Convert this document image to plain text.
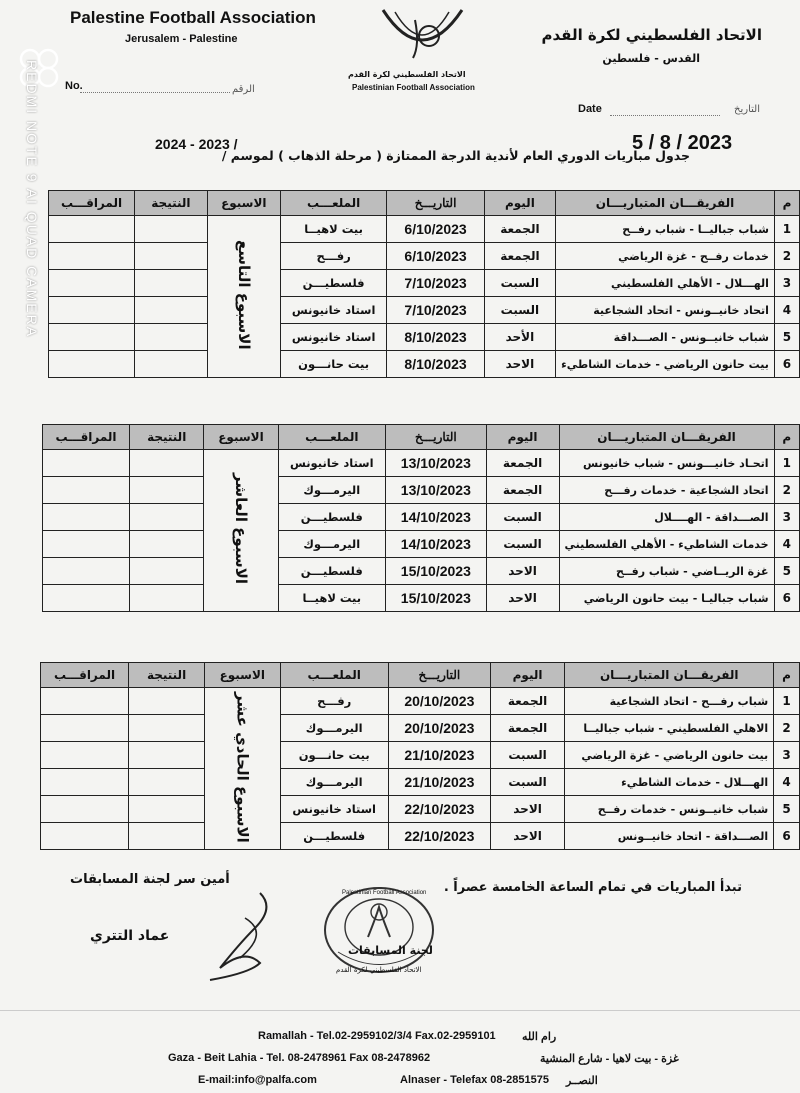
REDMI NOTE 9 AI QUAD CAMERA
Palestine Football Association
Jerusalem - Palestine	الاتحاد الفلسطيني لكرة القدم
القدس - فلسطين
الاتحاد الفلسطيني لكرة القدم
Palestinian Football Association
No.	الرقم
Date	التاريخ
5 / 8 / 2023
جدول مباريات الدوري العام لأندية الدرجة الممتازة ( مرحلة الذهاب ) لموسم /
2024 - 2023 /
م	الفريقـــان المتباريـــان	اليوم	التاريـــخ	الملعـــب	الاسبوع	النتيجة	المراقـــب
1	شباب جباليــا - شباب رفــح	الجمعة	6/10/2023	بيت لاهيــا	الاسبوع التاسع		
2	خدمات رفــح - غزة الرياضي	الجمعة	6/10/2023	رفـــح			
3	الهـــلال - الأهلي الفلسطيني	السبت	7/10/2023	فلسطيـــن			
4	اتحاد خانيــونس - اتحاد الشجاعية	السبت	7/10/2023	استاد خانيونس			
5	شباب خانيــونس - الصـــداقة	الأحد	8/10/2023	استاد خانيونس			
6	بيت حانون الرياضي - خدمات الشاطيء	الاحد	8/10/2023	بيت حانـــون			
م	الفريقـــان المتباريـــان	اليوم	التاريـــخ	الملعـــب	الاسبوع	النتيجة	المراقـــب
1	اتحـاد خانيـــونس - شباب خانيونس	الجمعة	13/10/2023	استاد خانيونس	الاسبوع العاشر		
2	اتحاد الشجاعية - خدمات رفـــح	الجمعة	13/10/2023	اليرمـــوك			
3	الصـــداقة - الهــــلال	السبت	14/10/2023	فلسطيـــن			
4	خدمات الشاطيء - الأهلي الفلسطيني	السبت	14/10/2023	اليرمـــوك			
5	غزة الريــاضي - شباب رفــح	الاحد	15/10/2023	فلسطيـــن			
6	شباب جباليـا - بيت حانون الرياضي	الاحد	15/10/2023	بيت لاهيــا			
م	الفريقـــان المتباريـــان	اليوم	التاريـــخ	الملعـــب	الاسبوع	النتيجة	المراقـــب
1	شباب رفـــح - اتحاد الشجاعية	الجمعة	20/10/2023	رفـــح	الاسبوع الحادي عشر		
2	الاهلي الفلسطيني - شباب جباليــا	الجمعة	20/10/2023	اليرمـــوك			
3	بيت حانون الرياضي - غزة الرياضي	السبت	21/10/2023	بيت حانـــون			
4	الهـــلال - خدمات الشاطيء	السبت	21/10/2023	اليرمـــوك			
5	شباب خانيــونس - خدمات رفــح	الاحد	22/10/2023	استاد خانيونس			
6	الصـــداقة - اتحاد خانيــونس	الاحد	22/10/2023	فلسطيـــن			
أمين سر لجنة المسابقات
تبدأ المباريات في تمام الساعة الخامسة عصراً .
عماد التتري
Palestinian Football Association
لجنة المسابقات
الاتحاد الفلسطيني لكرة القدم
Ramallah - Tel.02-2959102/3/4 Fax.02-2959101 رام الله
Gaza - Beit Lahia - Tel. 08-2478961 Fax 08-2478962	غزة - بيت لاهيا - شارع المنشية
E-mail:info@palfa.com	Alnaser - Telefax 08-2851575 النصــر
